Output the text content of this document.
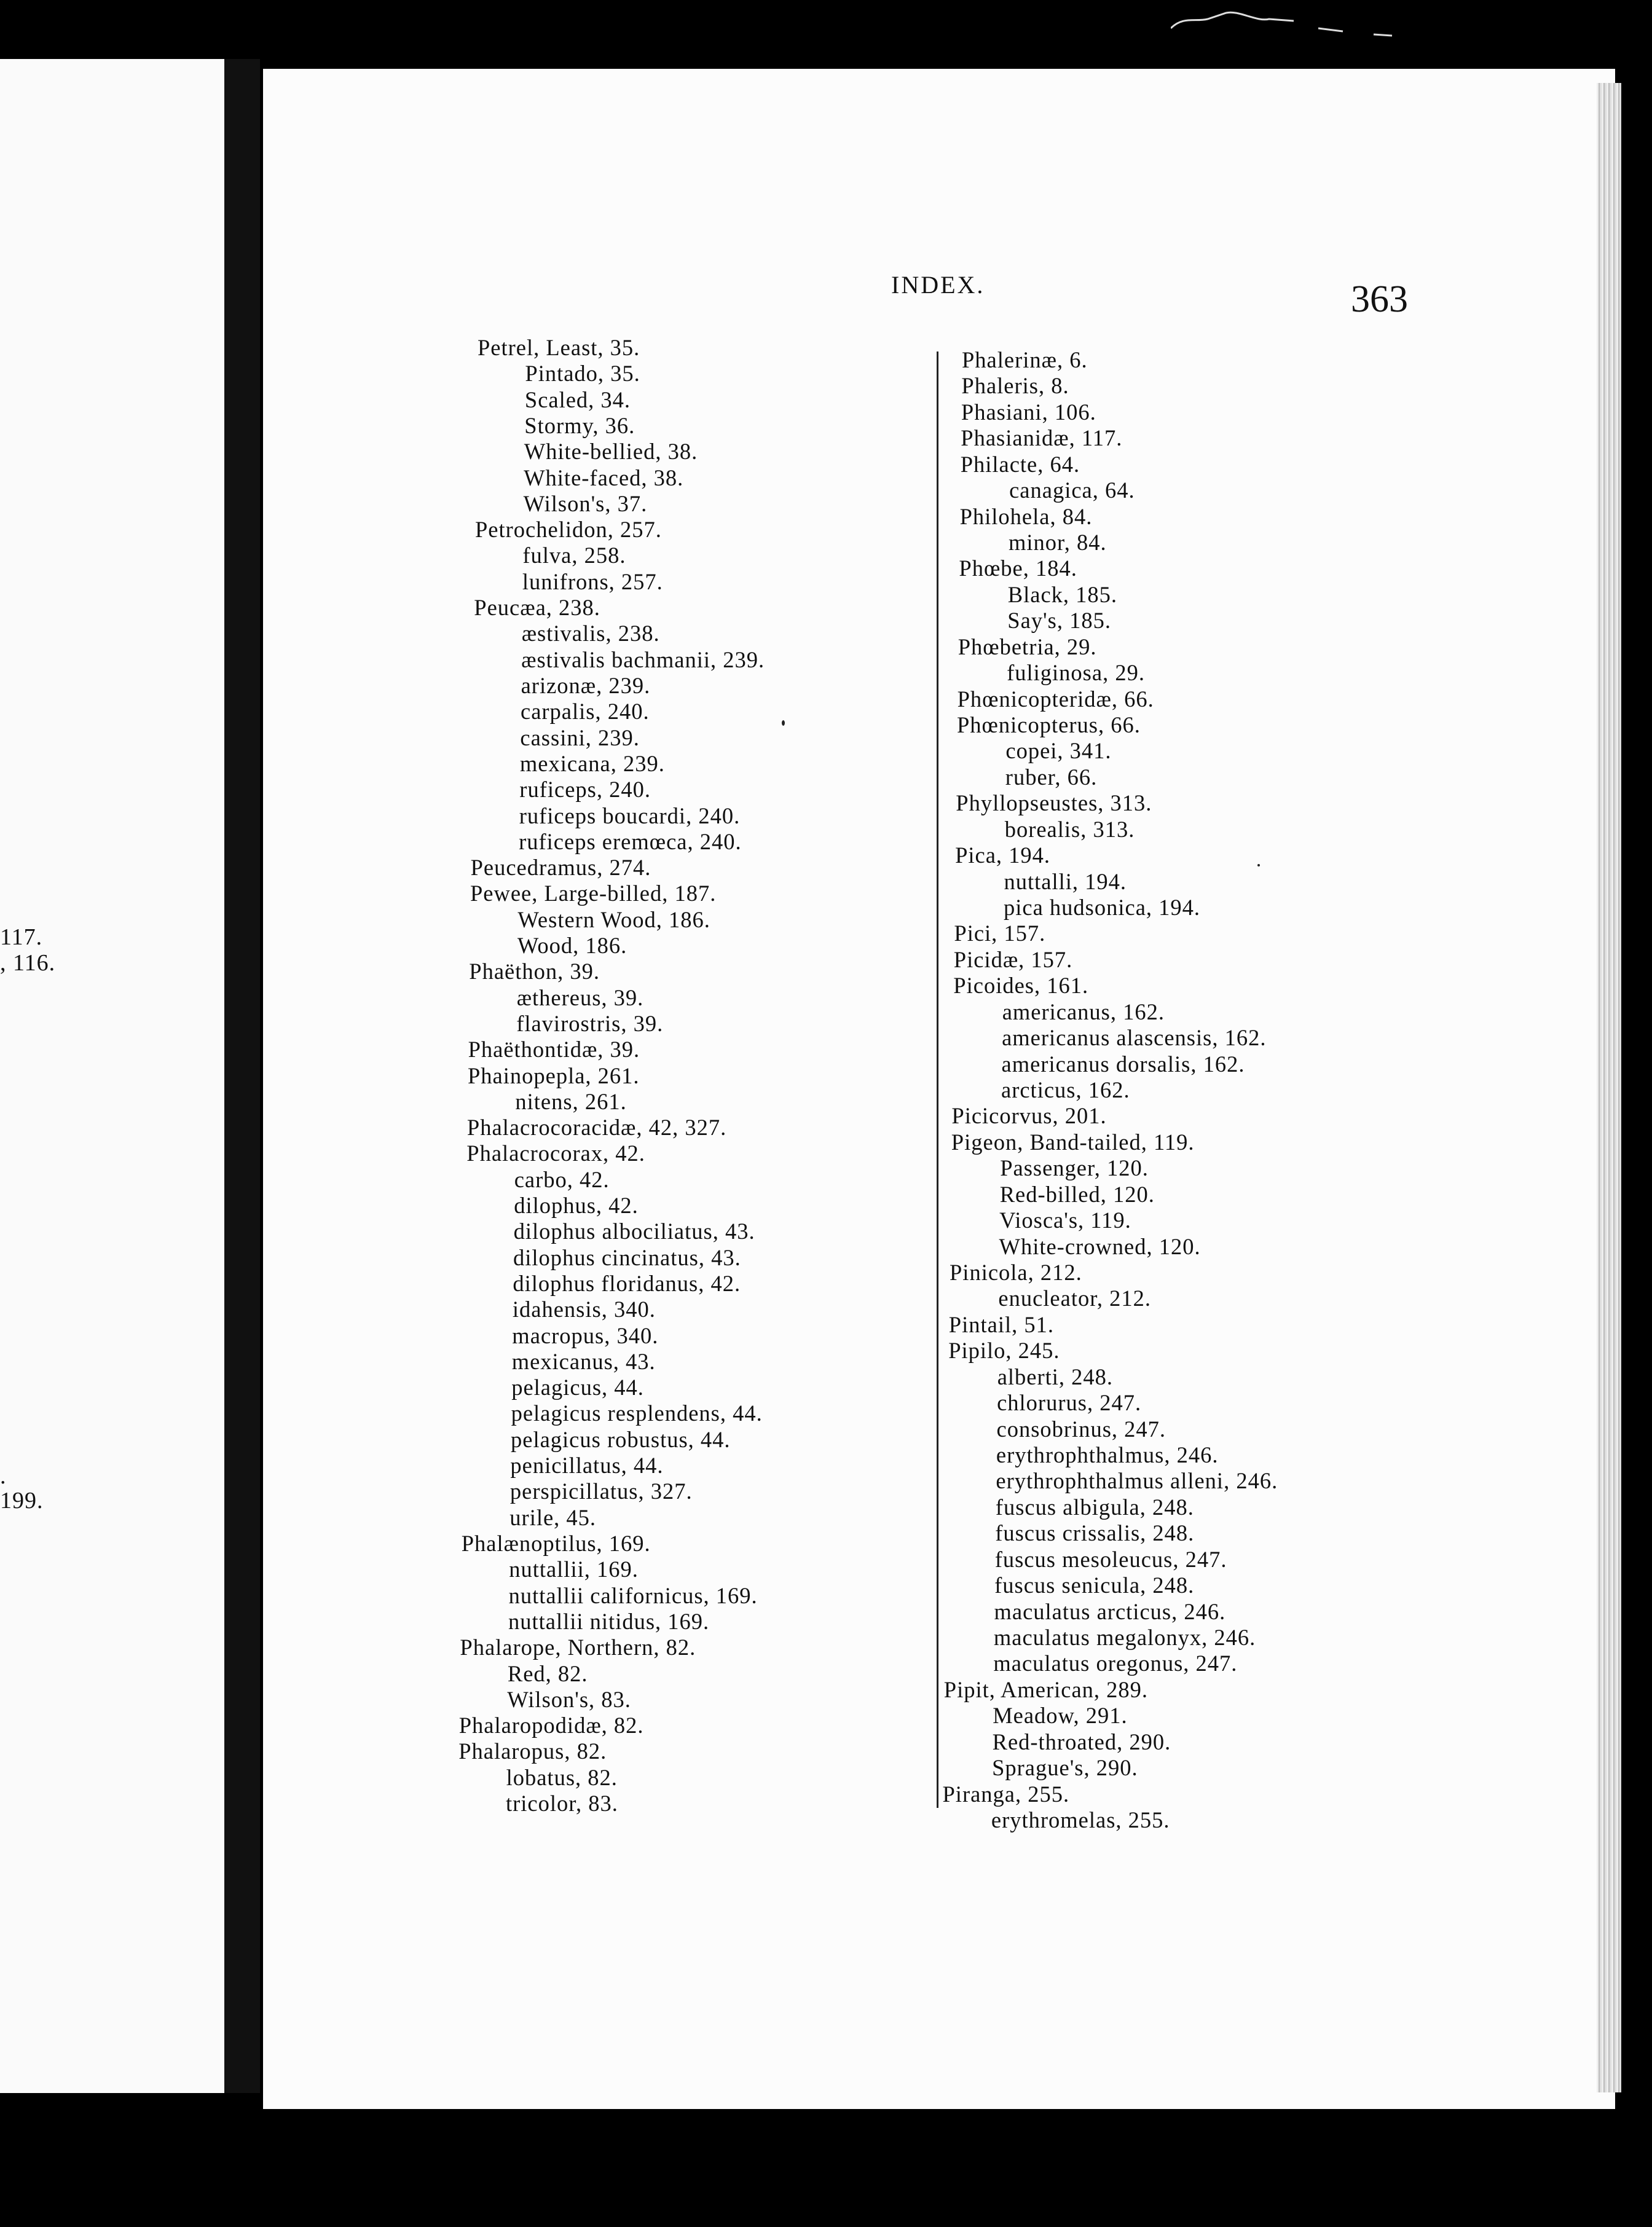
117.
, 116.
.
199.
INDEX.	363
Petrel, Least, 35.
Pintado, 35.
Scaled, 34.
Stormy, 36.
White-bellied, 38.
White-faced, 38.
Wilson's, 37.
Petrochelidon, 257.
fulva, 258.
lunifrons, 257.
Peucæa, 238.
æstivalis, 238.
æstivalis bachmanii, 239.
arizonæ, 239.
carpalis, 240.
cassini, 239.
mexicana, 239.
ruficeps, 240.
ruficeps boucardi, 240.
ruficeps eremœca, 240.
Peucedramus, 274.
Pewee, Large-billed, 187.
Western Wood, 186.
Wood, 186.
Phaëthon, 39.
æthereus, 39.
flavirostris, 39.
Phaëthontidæ, 39.
Phainopepla, 261.
nitens, 261.
Phalacrocoracidæ, 42, 327.
Phalacrocorax, 42.
carbo, 42.
dilophus, 42.
dilophus albociliatus, 43.
dilophus cincinatus, 43.
dilophus floridanus, 42.
idahensis, 340.
macropus, 340.
mexicanus, 43.
pelagicus, 44.
pelagicus resplendens, 44.
pelagicus robustus, 44.
penicillatus, 44.
perspicillatus, 327.
urile, 45.
Phalænoptilus, 169.
nuttallii, 169.
nuttallii californicus, 169.
nuttallii nitidus, 169.
Phalarope, Northern, 82.
Red, 82.
Wilson's, 83.
Phalaropodidæ, 82.
Phalaropus, 82.
lobatus, 82.
tricolor, 83.
Phalerinæ, 6.
Phaleris, 8.
Phasiani, 106.
Phasianidæ, 117.
Philacte, 64.
canagica, 64.
Philohela, 84.
minor, 84.
Phœbe, 184.
Black, 185.
Say's, 185.
Phœbetria, 29.
fuliginosa, 29.
Phœnicopteridæ, 66.
Phœnicopterus, 66.
copei, 341.
ruber, 66.
Phyllopseustes, 313.
borealis, 313.
Pica, 194.
nuttalli, 194.
pica hudsonica, 194.
Pici, 157.
Picidæ, 157.
Picoides, 161.
americanus, 162.
americanus alascensis, 162.
americanus dorsalis, 162.
arcticus, 162.
Picicorvus, 201.
Pigeon, Band-tailed, 119.
Passenger, 120.
Red-billed, 120.
Viosca's, 119.
White-crowned, 120.
Pinicola, 212.
enucleator, 212.
Pintail, 51.
Pipilo, 245.
alberti, 248.
chlorurus, 247.
consobrinus, 247.
erythrophthalmus, 246.
erythrophthalmus alleni, 246.
fuscus albigula, 248.
fuscus crissalis, 248.
fuscus mesoleucus, 247.
fuscus senicula, 248.
maculatus arcticus, 246.
maculatus megalonyx, 246.
maculatus oregonus, 247.
Pipit, American, 289.
Meadow, 291.
Red-throated, 290.
Sprague's, 290.
Piranga, 255.
erythromelas, 255.
